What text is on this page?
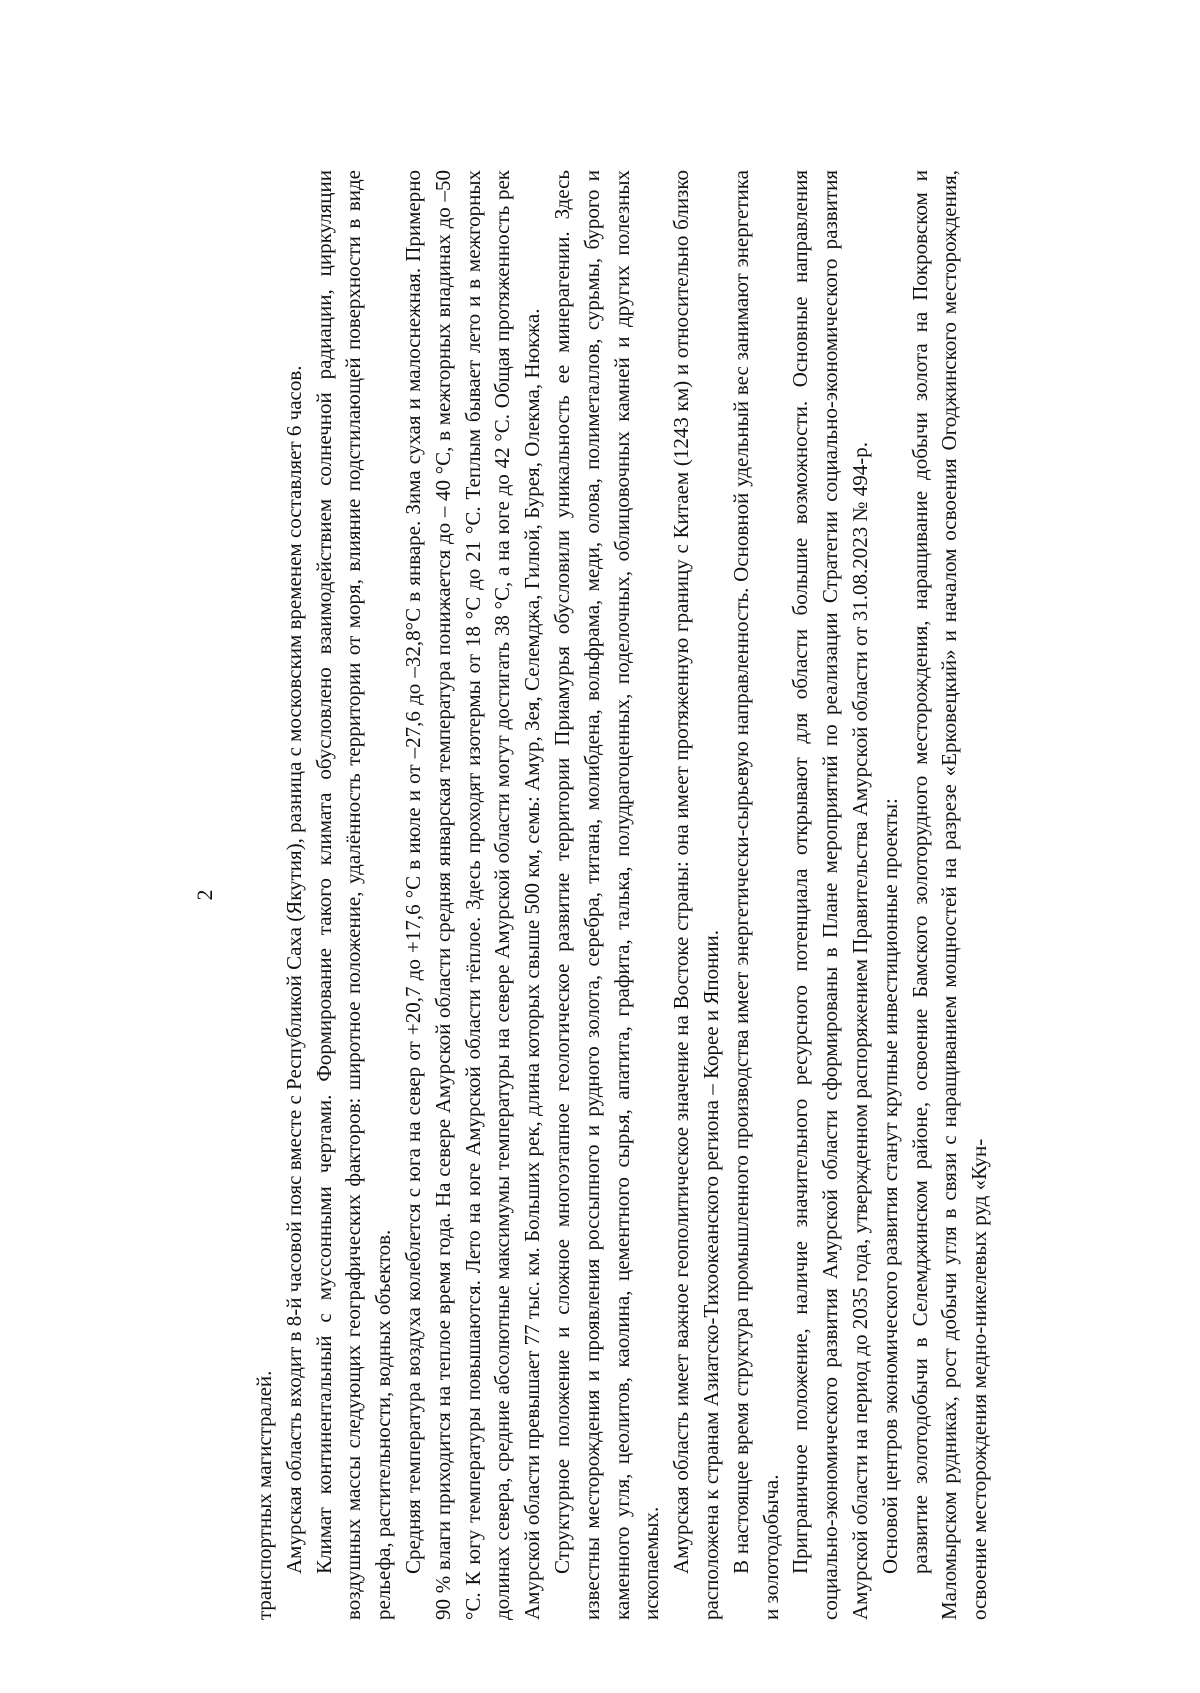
2

транспортных магистралей. Амурская область входит в 8-й часовой пояс вместе с Республикой Саха (Якутия), разница с московским временем составляет 6 часов. Климат континентальный с муссонными чертами. Формирование такого климата обусловлено взаимодействием солнечной радиации, циркуляции воздушных массы следующих географических факторов: широтное положение, удалённость территории от моря, влияние подстилающей поверхности в виде рельефа, растительности, водных объектов. Средняя температура воздуха колеблется с юга на север от +20,7 до +17,6 °С в июле и от –27,6 до –32,8°С в январе. Зима сухая и малоснежная. Примерно 90 % влаги приходится на теплое время года. На севере Амурской области средняя январская температура понижается до – 40 °С, в межгорных впадинах до –50 °С. К югу температуры повышаются. Лето на юге Амурской области тёплое. Здесь проходят изотермы от 18 °С до 21 °С. Теплым бывает лето и в межгорных долинах севера, средние абсолютные максимумы температуры на севере Амурской области могут достигать 38 °С, а на юге до 42 °С. Общая протяженность рек Амурской области превышает 77 тыс. км. Больших рек, длина которых свыше 500 км, семь: Амур, Зея, Селемджа, Гилюй, Бурея, Олекма, Нюкжа. Структурное положение и сложное многоэтапное геологическое развитие территории Приамурья обусловили уникальность ее минерагении. Здесь известны месторождения и проявления россыпного и рудного золота, серебра, титана, молибдена, вольфрама, меди, олова, полиметаллов, сурьмы, бурого и каменного угля, цеолитов, каолина, цементного сырья, апатита, графита, талька, полудрагоценных, поделочных, облицовочных камней и других полезных ископаемых. Амурская область имеет важное геополитическое значение на Востоке страны: она имеет протяженную границу с Китаем (1243 км) и относительно близко расположена к странам Азиатско-Тихоокеанского региона – Корее и Японии. В настоящее время структура промышленного производства имеет энергетически-сырьевую направленность. Основной удельный вес занимают энергетика и золотодобыча. Приграничное положение, наличие значительного ресурсного потенциала открывают для области большие возможности. Основные направления социально-экономического развития Амурской области сформированы в Плане мероприятий по реализации Стратегии социально-экономического развития Амурской области на период до 2035 года, утвержденном распоряжением Правительства Амурской области от 31.08.2023 № 494-р. Основой центров экономического развития станут крупные инвестиционные проекты: развитие золотодобычи в Селемджинском районе, освоение Бамского золоторудного месторождения, наращивание добычи золота на Покровском и Маломырском рудниках, рост добычи угля в связи с наращиванием мощностей на разрезе «Ерковецкий» и началом освоения Огоджинского месторождения, освоение месторождения медно-никелевых руд «Кун-
